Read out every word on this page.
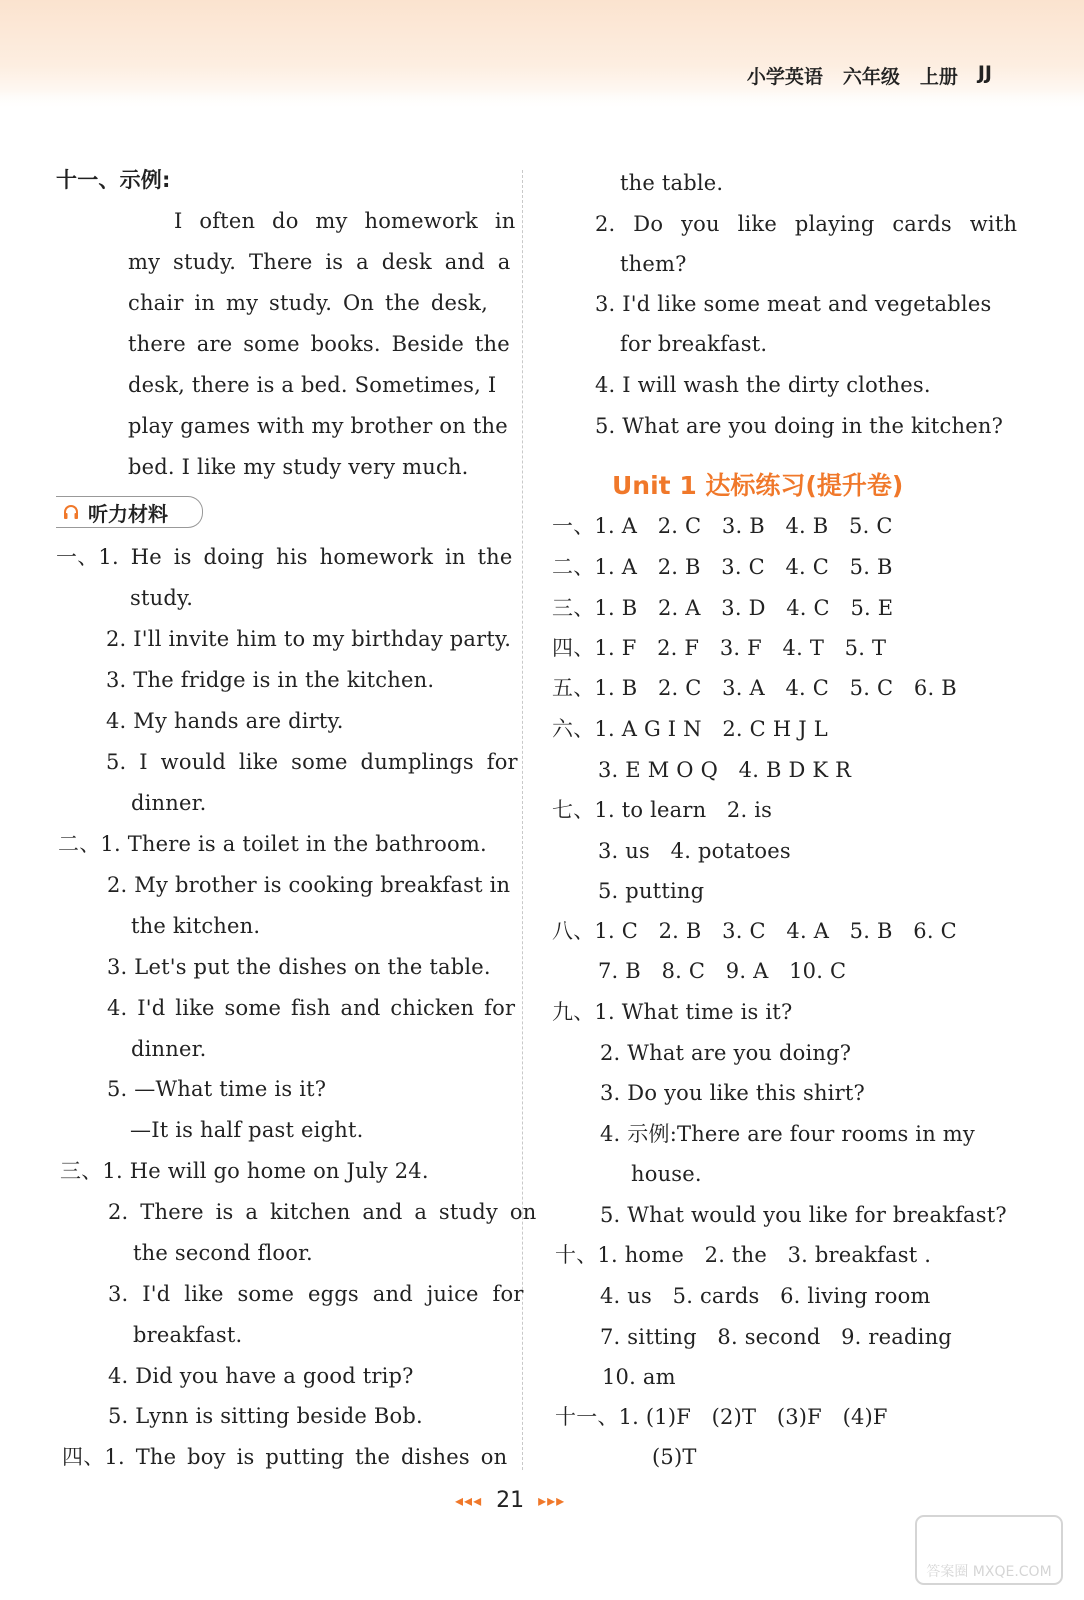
小学英语 六年级 上册 JJ
十一、示例:
I often do my homework in
my study. There is a desk and a
chair in my study. On the desk,
there are some books. Beside the
desk, there is a bed. Sometimes, I
play games with my brother on the
bed. I like my study very much.
听力材料
一、1. He is doing his homework in the
study.
2. I'll invite him to my birthday party.
3. The fridge is in the kitchen.
4. My hands are dirty.
5. I would like some dumplings for
dinner.
二、1. There is a toilet in the bathroom.
2. My brother is cooking breakfast in
the kitchen.
3. Let's put the dishes on the table.
4. I'd like some fish and chicken for
dinner.
5. —What time is it?
—It is half past eight.
三、1. He will go home on July 24.
2. There is a kitchen and a study on
the second floor.
3. I'd like some eggs and juice for
breakfast.
4. Did you have a good trip?
5. Lynn is sitting beside Bob.
四、1. The boy is putting the dishes on
the table.
2. Do you like playing cards with
them?
3. I'd like some meat and vegetables
for breakfast.
4. I will wash the dirty clothes.
5. What are you doing in the kitchen?
Unit 1 达标练习(提升卷)
一、1. A   2. C   3. B   4. B   5. C
二、1. A   2. B   3. C   4. C   5. B
三、1. B   2. A   3. D   4. C   5. E
四、1. F   2. F   3. F   4. T   5. T
五、1. B   2. C   3. A   4. C   5. C   6. B
六、1. A G I N   2. C H J L
3. E M O Q   4. B D K R
七、1. to learn   2. is
3. us   4. potatoes
5. putting
八、1. C   2. B   3. C   4. A   5. B   6. C
7. B   8. C   9. A   10. C
九、1. What time is it?
2. What are you doing?
3. Do you like this shirt?
4. 示例:There are four rooms in my
house.
5. What would you like for breakfast?
十、1. home   2. the   3. breakfast .
4. us   5. cards   6. living room
7. sitting   8. second   9. reading
10. am
十一、1. (1)F   (2)T   (3)F   (4)F
(5)T
◂◂◂ 21 ▸▸▸
答案圈 MXQE.COM
